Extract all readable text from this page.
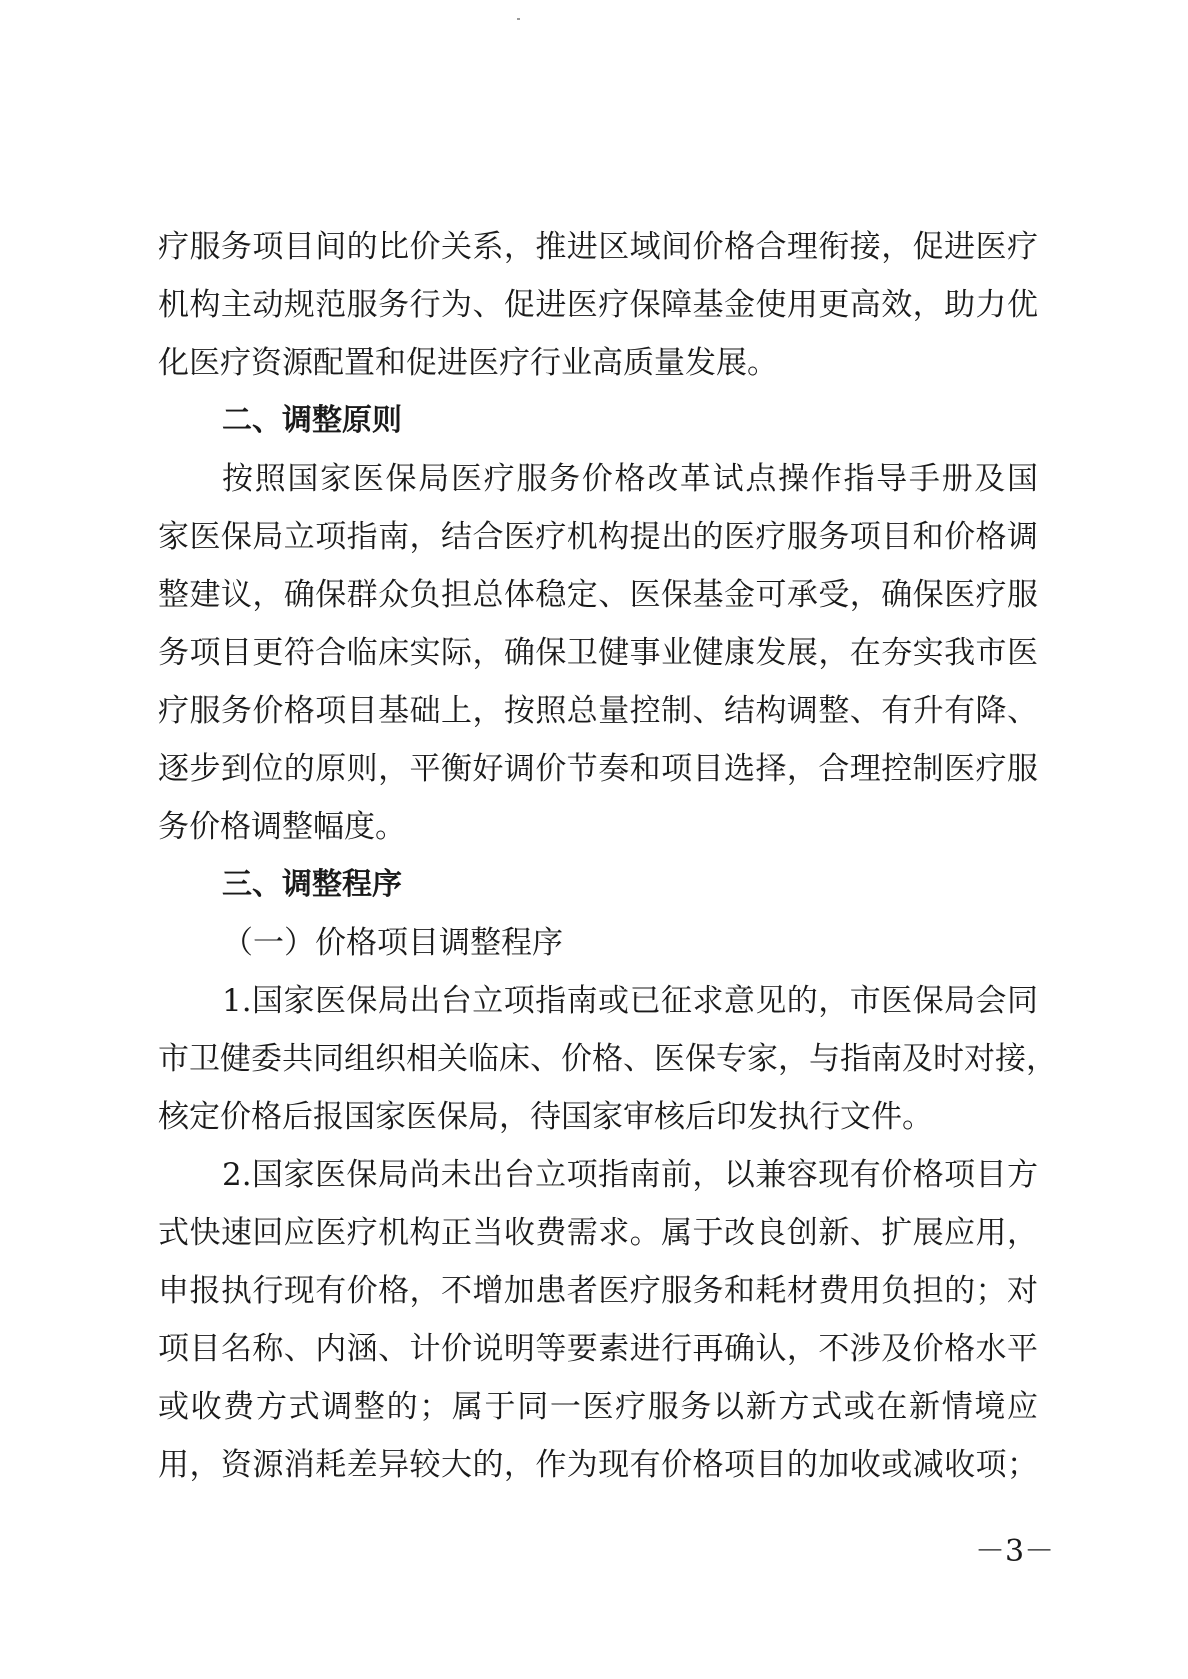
疗服务项目间的比价关系，推进区域间价格合理衔接，促进医疗
机构主动规范服务行为、促进医疗保障基金使用更高效，助力优
化医疗资源配置和促进医疗行业高质量发展。
二、调整原则
按照国家医保局医疗服务价格改革试点操作指导手册及国
家医保局立项指南，结合医疗机构提出的医疗服务项目和价格调
整建议，确保群众负担总体稳定、医保基金可承受，确保医疗服
务项目更符合临床实际，确保卫健事业健康发展，在夯实我市医
疗服务价格项目基础上，按照总量控制、结构调整、有升有降、
逐步到位的原则，平衡好调价节奏和项目选择，合理控制医疗服
务价格调整幅度。
三、调整程序
（一）价格项目调整程序
1.国家医保局出台立项指南或已征求意见的，市医保局会同
市卫健委共同组织相关临床、价格、医保专家，与指南及时对接，
核定价格后报国家医保局，待国家审核后印发执行文件。
2.国家医保局尚未出台立项指南前，以兼容现有价格项目方
式快速回应医疗机构正当收费需求。属于改良创新、扩展应用，
申报执行现有价格，不增加患者医疗服务和耗材费用负担的；对
项目名称、内涵、计价说明等要素进行再确认，不涉及价格水平
或收费方式调整的；属于同一医疗服务以新方式或在新情境应
用，资源消耗差异较大的，作为现有价格项目的加收或减收项；
－3－
